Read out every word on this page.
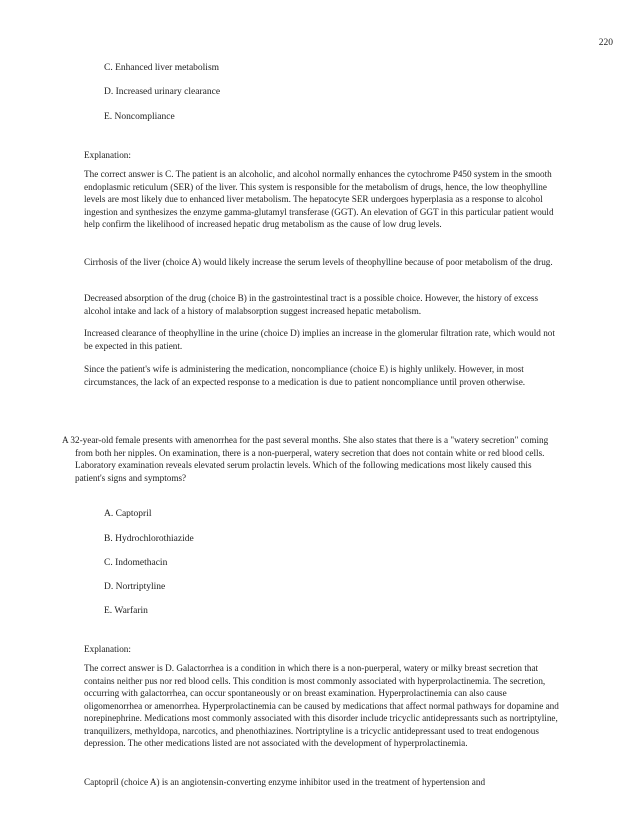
220
C. Enhanced liver metabolism
D. Increased urinary clearance
E. Noncompliance
Explanation:

The correct answer is C. The patient is an alcoholic, and alcohol normally enhances the cytochrome P450 system in the smooth endoplasmic reticulum (SER) of the liver. This system is responsible for the metabolism of drugs, hence, the low theophylline levels are most likely due to enhanced liver metabolism. The hepatocyte SER undergoes hyperplasia as a response to alcohol ingestion and synthesizes the enzyme gamma-glutamyl transferase (GGT). An elevation of GGT in this particular patient would help confirm the likelihood of increased hepatic drug metabolism as the cause of low drug levels.

Cirrhosis of the liver (choice A) would likely increase the serum levels of theophylline because of poor metabolism of the drug.

Decreased absorption of the drug (choice B) in the gastrointestinal tract is a possible choice. However, the history of excess alcohol intake and lack of a history of malabsorption suggest increased hepatic metabolism.

Increased clearance of theophylline in the urine (choice D) implies an increase in the glomerular filtration rate, which would not be expected in this patient.

Since the patient's wife is administering the medication, noncompliance (choice E) is highly unlikely. However, in most circumstances, the lack of an expected response to a medication is due to patient noncompliance until proven otherwise.

A 32-year-old female presents with amenorrhea for the past several months. She also states that there is a "watery secretion" coming from both her nipples. On examination, there is a non-puerperal, watery secretion that does not contain white or red blood cells. Laboratory examination reveals elevated serum prolactin levels. Which of the following medications most likely caused this patient's signs and symptoms?

A. Captopril
B. Hydrochlorothiazide
C. Indomethacin
D. Nortriptyline
E. Warfarin
Explanation:

The correct answer is D. Galactorrhea is a condition in which there is a non-puerperal, watery or milky breast secretion that contains neither pus nor red blood cells. This condition is most commonly associated with hyperprolactinemia. The secretion, occurring with galactorrhea, can occur spontaneously or on breast examination. Hyperprolactinemia can also cause oligomenorrhea or amenorrhea. Hyperprolactinemia can be caused by medications that affect normal pathways for dopamine and norepinephrine. Medications most commonly associated with this disorder include tricyclic antidepressants such as nortriptyline, tranquilizers, methyldopa, narcotics, and phenothiazines. Nortriptyline is a tricyclic antidepressant used to treat endogenous depression. The other medications listed are not associated with the development of hyperprolactinemia.

Captopril (choice A) is an angiotensin-converting enzyme inhibitor used in the treatment of hypertension and
